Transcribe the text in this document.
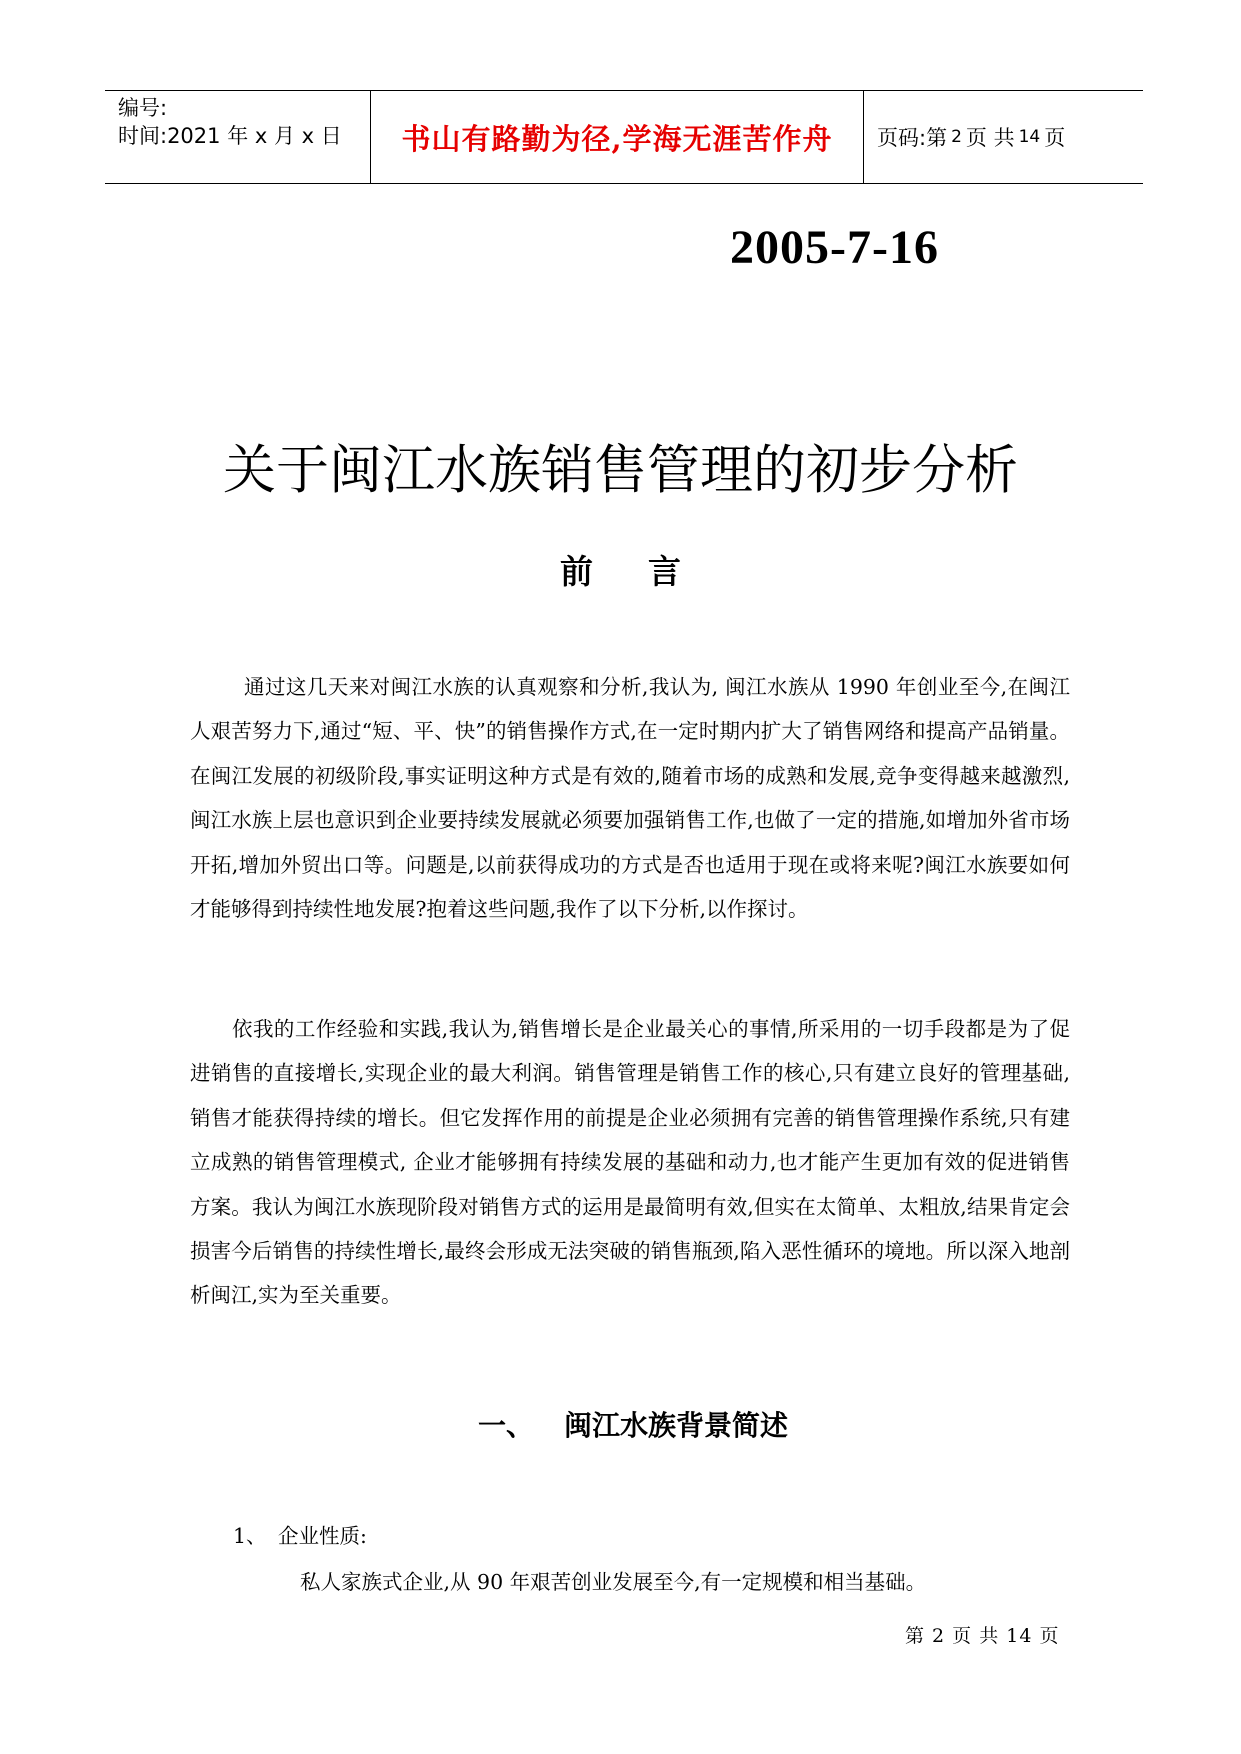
编号:
时间:2021 年 x 月 x 日	书山有路勤为径,学海无涯苦作舟 页码:第 2 页 共 14 页
2005-7-16
关于闽江水族销售管理的初步分析
前言
通过这几天来对闽江水族的认真观察和分析,我认为, 闽江水族从 1990 年创业至今,在闽江人艰苦努力下,通过“短、平、快”的销售操作方式,在一定时期内扩大了销售网络和提高产品销量。在闽江发展的初级阶段,事实证明这种方式是有效的,随着市场的成熟和发展,竞争变得越来越激烈,闽江水族上层也意识到企业要持续发展就必须要加强销售工作,也做了一定的措施,如增加外省市场开拓,增加外贸出口等。问题是,以前获得成功的方式是否也适用于现在或将来呢?闽江水族要如何才能够得到持续性地发展?抱着这些问题,我作了以下分析,以作探讨。
依我的工作经验和实践,我认为,销售增长是企业最关心的事情,所采用的一切手段都是为了促进销售的直接增长,实现企业的最大利润。销售管理是销售工作的核心,只有建立良好的管理基础,销售才能获得持续的增长。但它发挥作用的前提是企业必须拥有完善的销售管理操作系统,只有建立成熟的销售管理模式, 企业才能够拥有持续发展的基础和动力,也才能产生更加有效的促进销售方案。我认为闽江水族现阶段对销售方式的运用是最简明有效,但实在太简单、太粗放,结果肯定会损害今后销售的持续性增长,最终会形成无法突破的销售瓶颈,陷入恶性循环的境地。所以深入地剖析闽江,实为至关重要。
一、 闽江水族背景简述
1、 企业性质:
私人家族式企业,从 90 年艰苦创业发展至今,有一定规模和相当基础。
第 2 页 共 14 页
